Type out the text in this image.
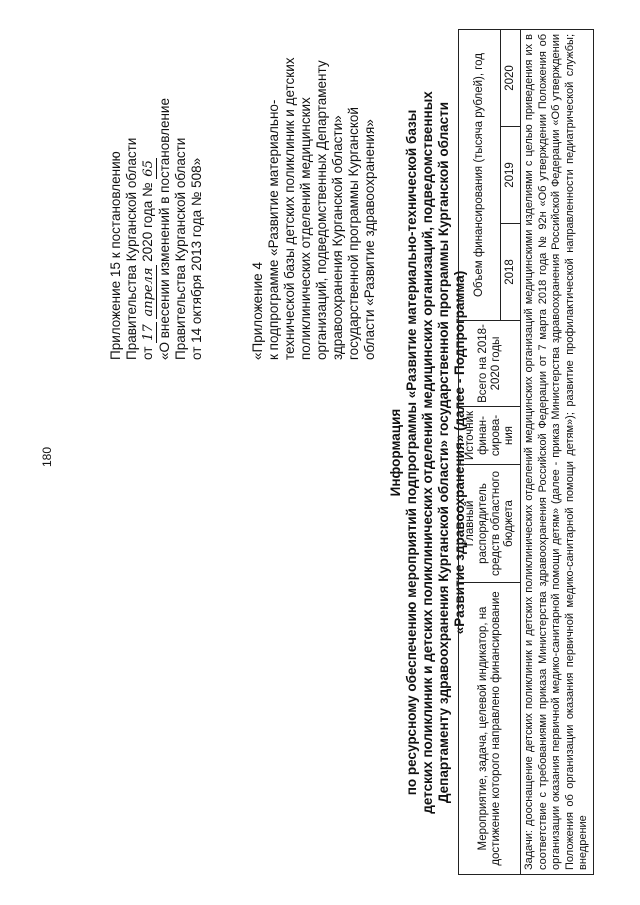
180
Приложение 15 к постановлению Правительства Курганской области от 17 апреля 2020 года № 65 «О внесении изменений в постановление Правительства Курганской области от 14 октября 2013 года № 508»	«Приложение 4 к подпрограмме «Развитие материально- технической базы детских поликлиник и детских поликлинических отделений медицинских организаций, подведомственных Департаменту здравоохранения Курганской области» государственной программы Курганской области «Развитие здравоохранения»
Информация по ресурсному обеспечению мероприятий подпрограммы «Развитие материально-технической базы детских поликлиник и детских поликлинических отделений медицинских организаций, подведомственных Департаменту здравоохранения Курганской области» государственной программы Курганской области «Развитие здравоохранения» (далее - Подпрограмма)
Мероприятие, задача, целевой индикатор, на достижение которого направлено финансирование	Главный распорядитель средств областного бюджета	Источник финан-сирова-ния	Всего на 2018-2020 годы	Объем финансирования (тысяча рублей), год		
				2018	2019	2020
Задачи: дооснащение детских поликлиник и детских поликлинических отделений медицинских организаций медицинскими изделиями с целью приведения их в соответствие с требованиями приказа Министерства здравоохранения Российской Федерации от 7 марта 2018 года № 92н «Об утверждении Положения об организации оказания первичной медико-санитарной помощи детям» (далее - приказ Министерства здравоохранения Российской Федерации «Об утверждении Положения об организации оказания первичной медико-санитарной помощи детям»); развитие профилактической направленности педиатрической службы; внедрение						
